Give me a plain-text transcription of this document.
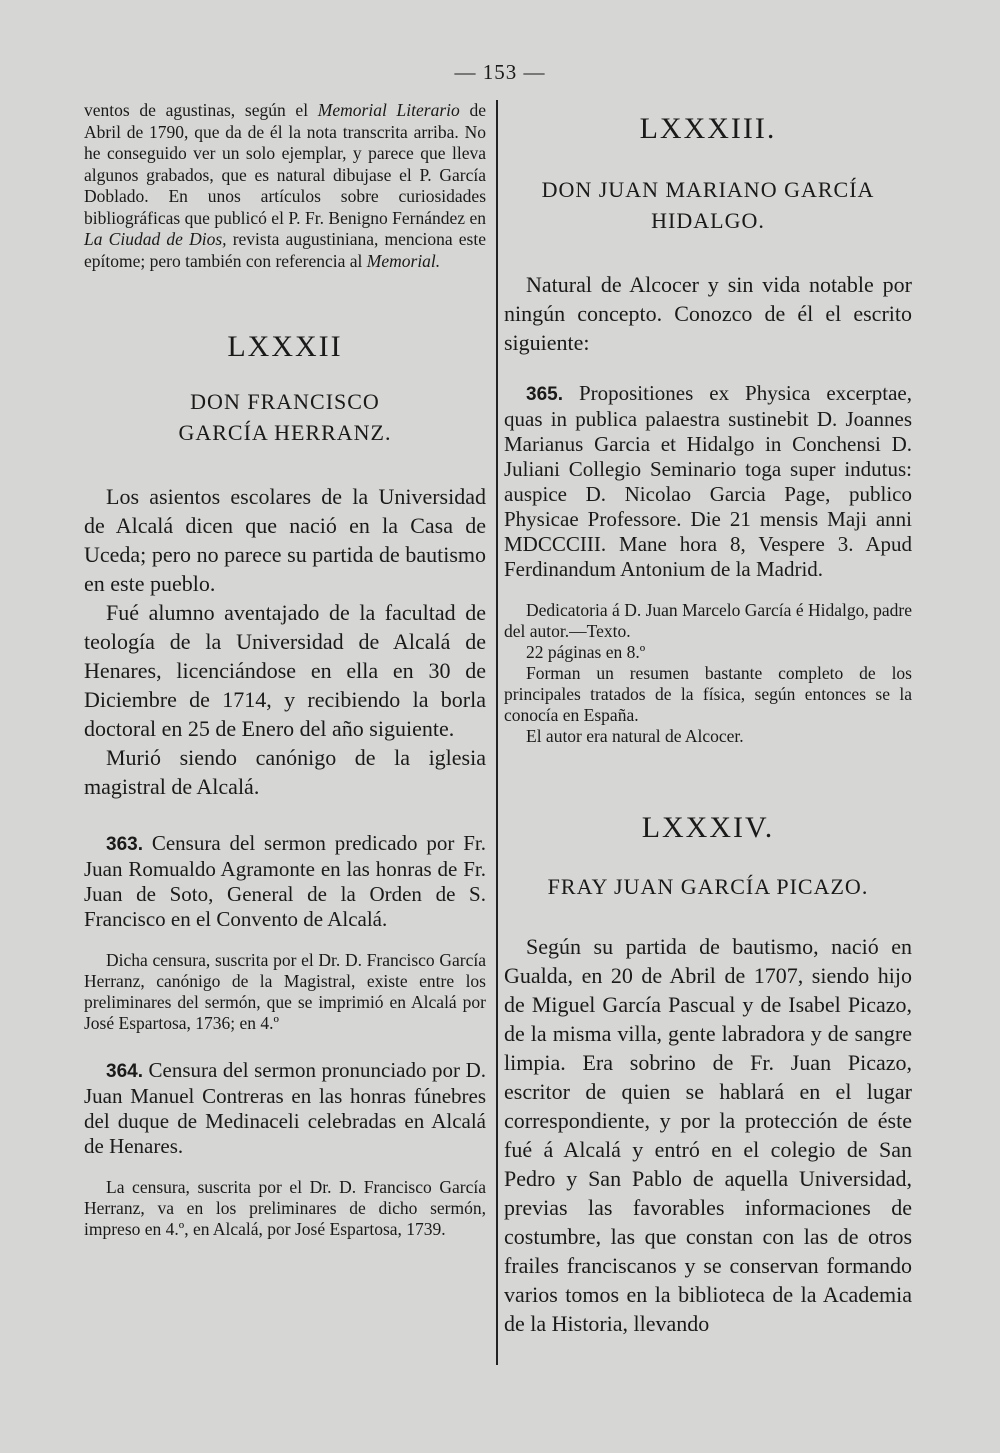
— 153 —

ventos de agustinas, según el Memorial Literario de Abril de 1790, que da de él la nota transcrita arriba. No he conseguido ver un solo ejemplar, y parece que lleva algunos grabados, que es natural dibujase el P. García Doblado. En unos artículos sobre curiosidades bibliográficas que publicó el P. Fr. Benigno Fernández en La Ciudad de Dios, revista augustiniana, menciona este epítome; pero también con referencia al Memorial.

LXXXII
DON FRANCISCO GARCÍA HERRANZ.

Los asientos escolares de la Universidad de Alcalá dicen que nació en la Casa de Uceda; pero no parece su partida de bautismo en este pueblo.

Fué alumno aventajado de la facultad de teología de la Universidad de Alcalá de Henares, licenciándose en ella en 30 de Diciembre de 1714, y recibiendo la borla doctoral en 25 de Enero del año siguiente.

Murió siendo canónigo de la iglesia magistral de Alcalá.

363. Censura del sermon predicado por Fr. Juan Romualdo Agramonte en las honras de Fr. Juan de Soto, General de la Orden de S. Francisco en el Convento de Alcalá.

Dicha censura, suscrita por el Dr. D. Francisco García Herranz, canónigo de la Magistral, existe entre los preliminares del sermón, que se imprimió en Alcalá por José Espartosa, 1736; en 4.º

364. Censura del sermon pronunciado por D. Juan Manuel Contreras en las honras fúnebres del duque de Medinaceli celebradas en Alcalá de Henares.

La censura, suscrita por el Dr. D. Francisco García Herranz, va en los preliminares de dicho sermón, impreso en 4.º, en Alcalá, por José Espartosa, 1739.

LXXXIII.
DON JUAN MARIANO GARCÍA HIDALGO.

Natural de Alcocer y sin vida notable por ningún concepto. Conozco de él el escrito siguiente:

365. Propositiones ex Physica excerptae, quas in publica palaestra sustinebit D. Joannes Marianus Garcia et Hidalgo in Conchensi D. Juliani Collegio Seminario toga super indutus: auspice D. Nicolao Garcia Page, publico Physicae Professore. Die 21 mensis Maji anni MDCCCIII. Mane hora 8, Vespere 3. Apud Ferdinandum Antonium de la Madrid.

Dedicatoria á D. Juan Marcelo García é Hidalgo, padre del autor.—Texto.

22 páginas en 8.º

Forman un resumen bastante completo de los principales tratados de la física, según entonces se la conocía en España.

El autor era natural de Alcocer.

LXXXIV.
FRAY JUAN GARCÍA PICAZO.

Según su partida de bautismo, nació en Gualda, en 20 de Abril de 1707, siendo hijo de Miguel García Pascual y de Isabel Picazo, de la misma villa, gente labradora y de sangre limpia. Era sobrino de Fr. Juan Picazo, escritor de quien se hablará en el lugar correspondiente, y por la protección de éste fué á Alcalá y entró en el colegio de San Pedro y San Pablo de aquella Universidad, previas las favorables informaciones de costumbre, las que constan con las de otros frailes franciscanos y se conservan formando varios tomos en la biblioteca de la Academia de la Historia, llevando
